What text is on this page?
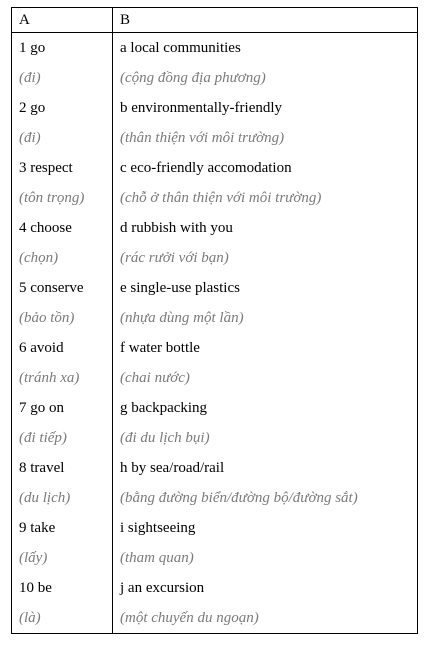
A	B
1 go	a local communities
(đi)	(cộng đồng địa phương)
2 go	b environmentally-friendly
(đi)	(thân thiện với môi trường)
3 respect	c eco-friendly accomodation
(tôn trọng)	(chỗ ở thân thiện với môi trường)
4 choose	d rubbish with you
(chọn)	(rác rưởi với bạn)
5 conserve	e single-use plastics
(bảo tồn)	(nhựa dùng một lần)
6 avoid	f water bottle
(tránh xa)	(chai nước)
7 go on	g backpacking
(đi tiếp)	(đi du lịch bụi)
8 travel	h by sea/road/rail
(du lịch)	(bằng đường biển/đường bộ/đường sắt)
9 take	i sightseeing
(lấy)	(tham quan)
10 be	j an excursion
(là)	(một chuyến du ngoạn)
